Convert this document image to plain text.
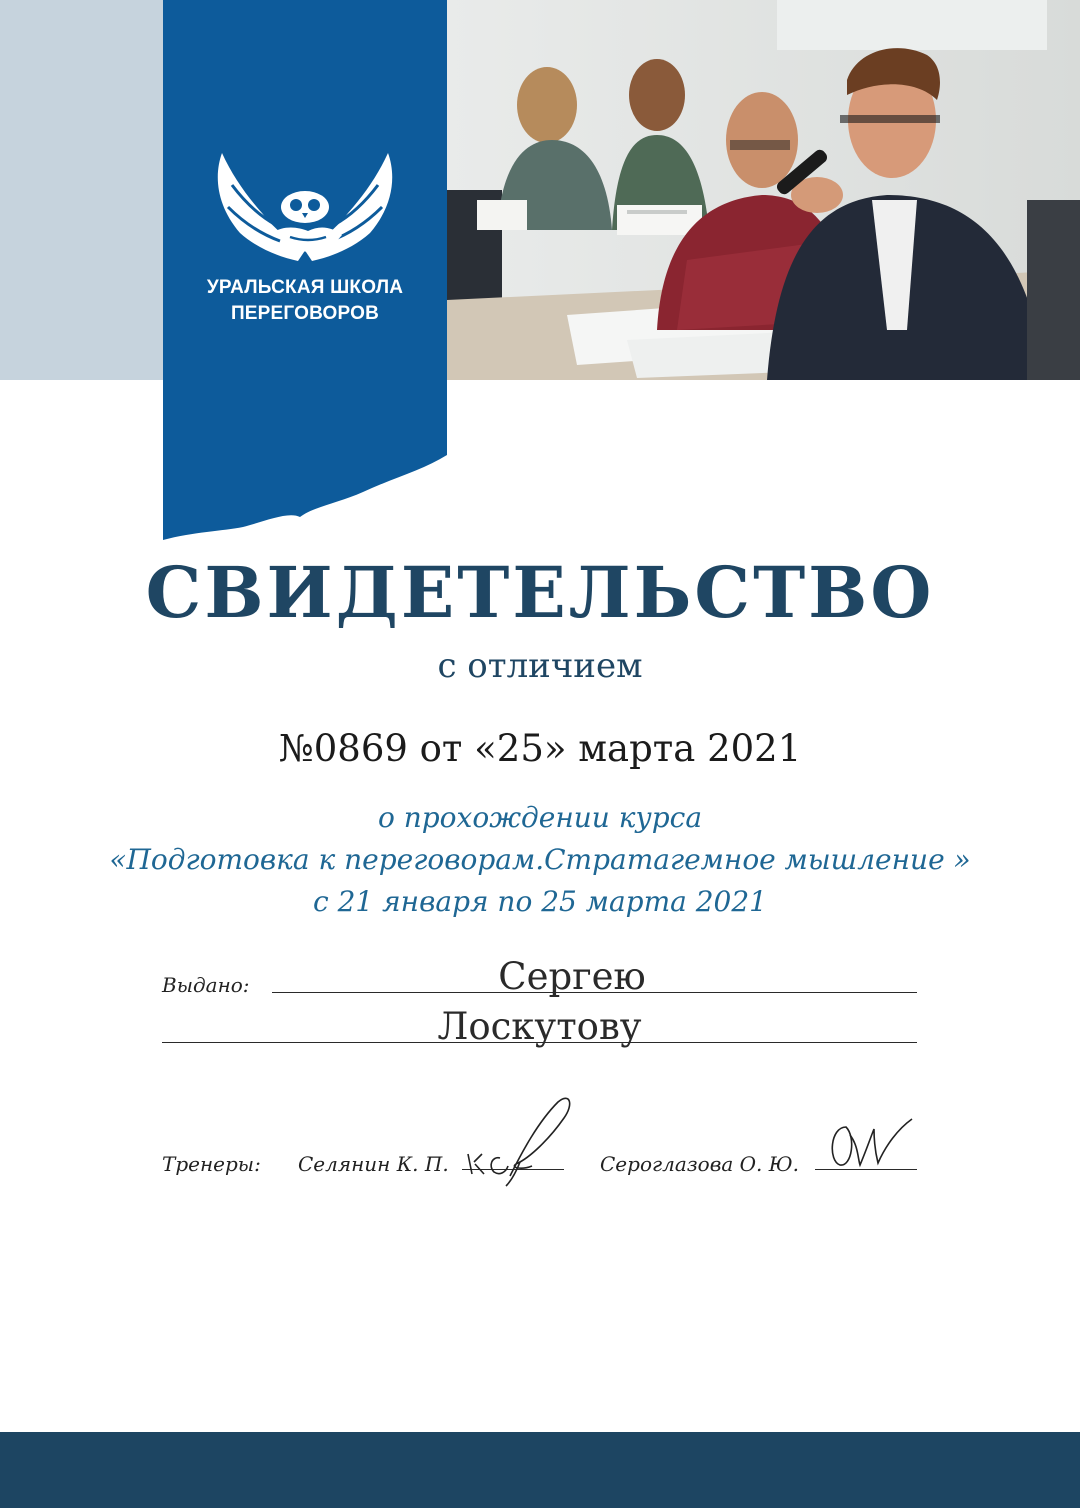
УРАЛЬСКАЯ ШКОЛА
ПЕРЕГОВОРОВ
СВИДЕТЕЛЬСТВО
с отличием
№0869 от «25» марта 2021
о прохождении курса
«Подготовка к переговорам.Стратагемное мышление »
с 21 января по 25 марта 2021
Выдано:	Сергею
Лоскутову
Тренеры: Селянин К. П.	Сероглазова О. Ю.
